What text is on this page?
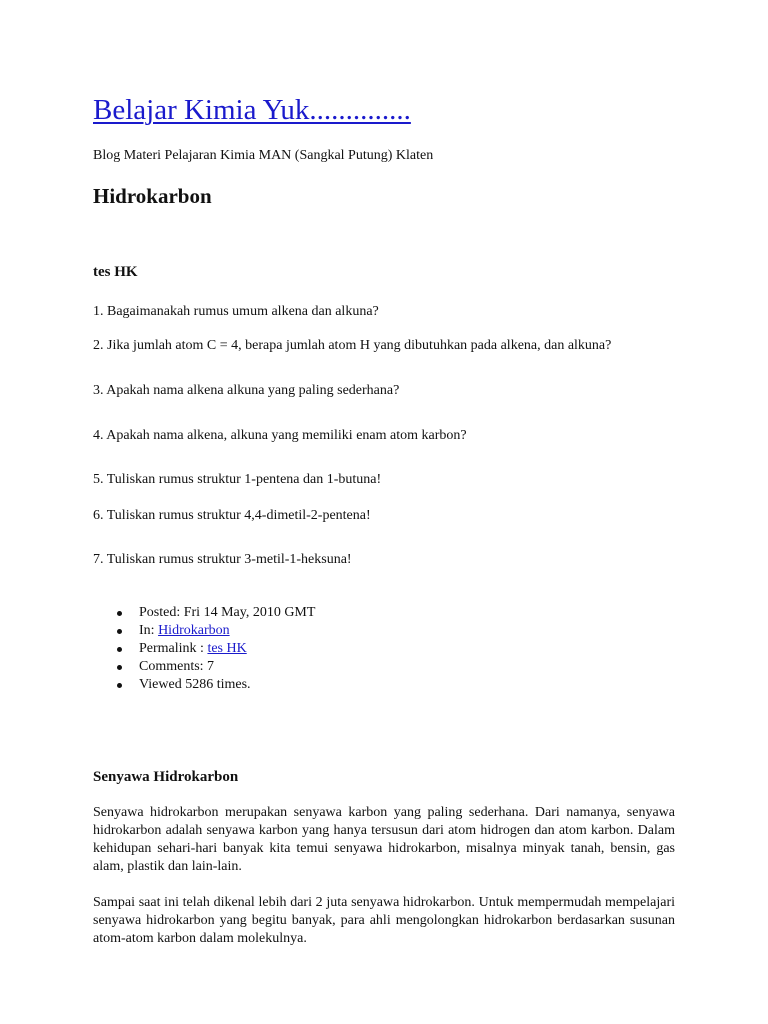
Belajar Kimia Yuk..............
Blog Materi Pelajaran Kimia MAN (Sangkal Putung) Klaten
Hidrokarbon
tes HK
1. Bagaimanakah rumus umum alkena dan alkuna?
2. Jika jumlah atom C = 4, berapa jumlah atom H yang dibutuhkan pada alkena, dan alkuna?
3. Apakah nama alkena alkuna yang paling sederhana?
4. Apakah nama alkena, alkuna yang memiliki enam atom karbon?
5. Tuliskan rumus struktur 1-pentena dan 1-butuna!
6. Tuliskan rumus struktur 4,4-dimetil-2-pentena!
7. Tuliskan rumus struktur 3-metil-1-heksuna!
Posted: Fri 14 May, 2010 GMT
In: Hidrokarbon
Permalink : tes HK
Comments: 7
Viewed 5286 times.
Senyawa Hidrokarbon

Senyawa hidrokarbon merupakan senyawa karbon yang paling sederhana. Dari namanya, senyawa hidrokarbon adalah senyawa karbon yang hanya tersusun dari atom hidrogen dan atom karbon. Dalam kehidupan sehari-hari banyak kita temui senyawa hidrokarbon, misalnya minyak tanah, bensin, gas alam, plastik dan lain-lain.

Sampai saat ini telah dikenal lebih dari 2 juta senyawa hidrokarbon. Untuk mempermudah mempelajari senyawa hidrokarbon yang begitu banyak, para ahli mengolongkan hidrokarbon berdasarkan susunan atom-atom karbon dalam molekulnya.
